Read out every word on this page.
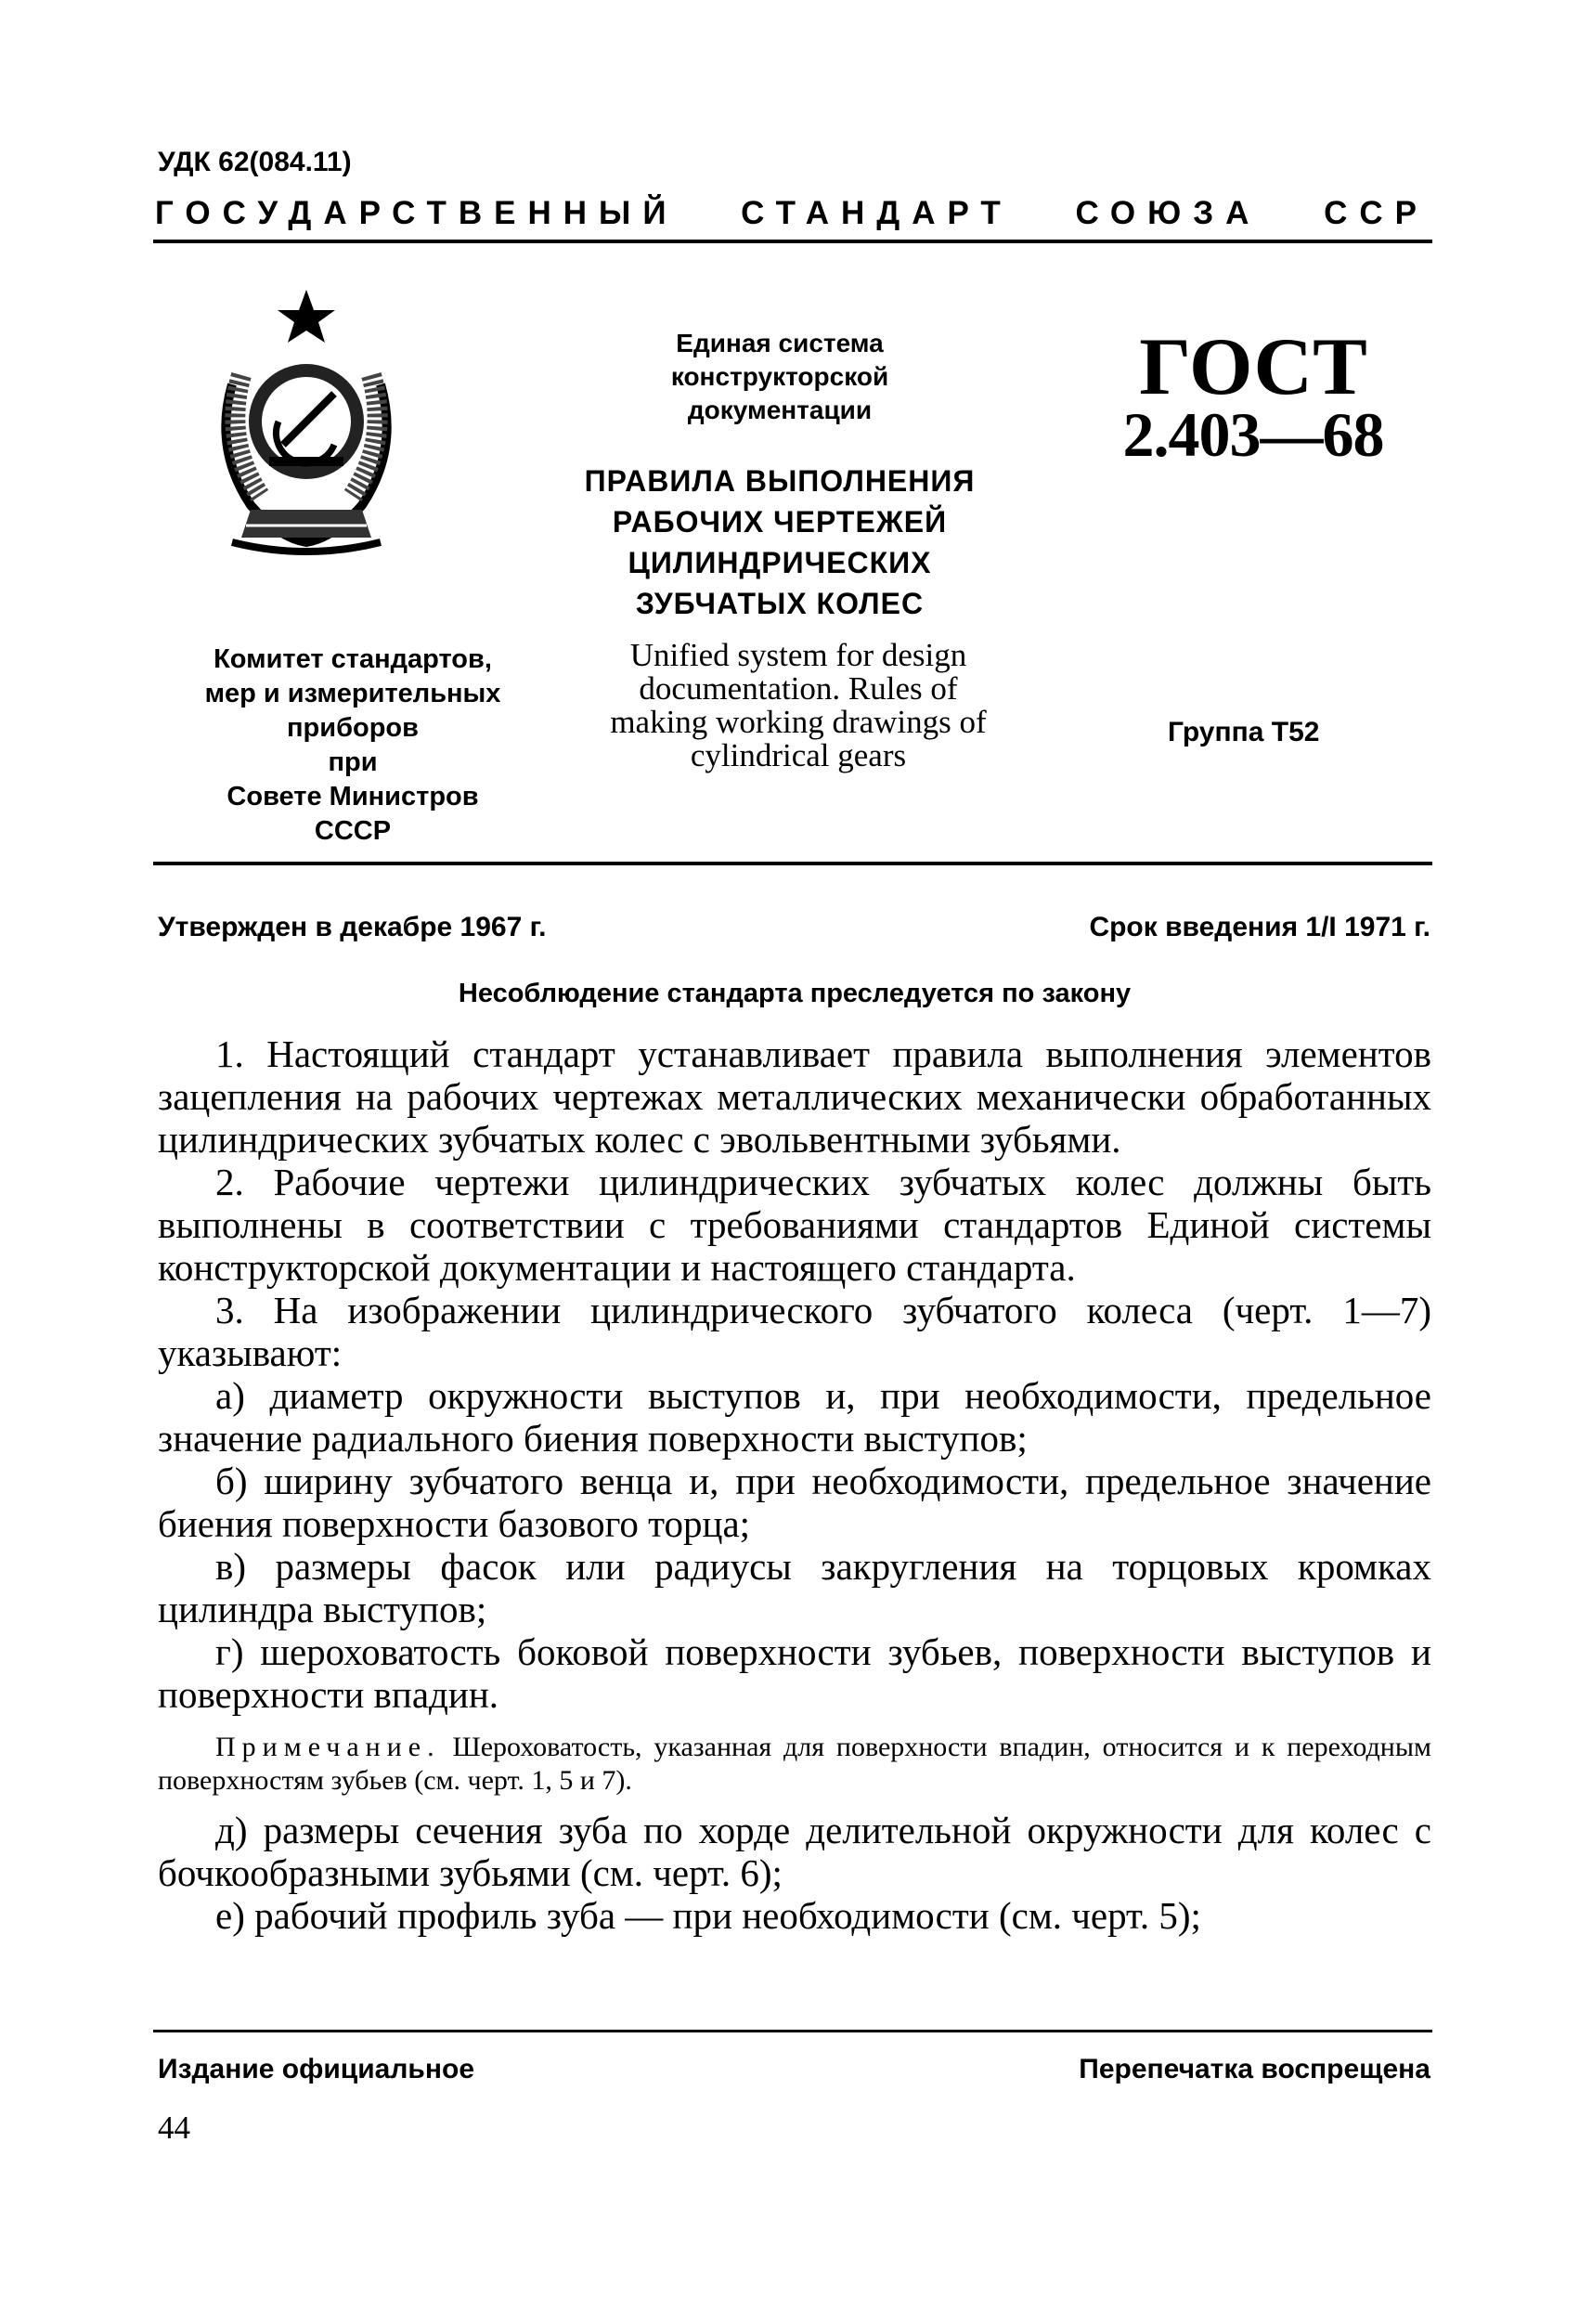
УДК 62(084.11)
ГОСУДАРСТВЕННЫЙ СТАНДАРТ СОЮЗА ССР
Комитет стандартов,
мер и измерительных
приборов
при
Совете Министров
СССР
Единая система
конструкторской
документации
ПРАВИЛА ВЫПОЛНЕНИЯ
РАБОЧИХ ЧЕРТЕЖЕЙ
ЦИЛИНДРИЧЕСКИХ
ЗУБЧАТЫХ КОЛЕС
Unified system for design
documentation. Rules of
making working drawings of
cylindrical gears
ГОСТ
2.403—68
Группа Т52
Утвержден в декабре 1967 г.	Срок введения 1/I 1971 г.
Несоблюдение стандарта преследуется по закону

1. Настоящий стандарт устанавливает правила выполнения элементов зацепления на рабочих чертежах металлических механически обработанных цилиндрических зубчатых колес с эвольвентными зубьями.

2. Рабочие чертежи цилиндрических зубчатых колес должны быть выполнены в соответствии с требованиями стандартов Единой системы конструкторской документации и настоящего стандарта.

3. На изображении цилиндрического зубчатого колеса (черт. 1—7) указывают:

а) диаметр окружности выступов и, при необходимости, предельное значение радиального биения поверхности выступов;

б) ширину зубчатого венца и, при необходимости, предельное значение биения поверхности базового торца;

в) размеры фасок или радиусы закругления на торцовых кромках цилиндра выступов;

г) шероховатость боковой поверхности зубьев, поверхности выступов и поверхности впадин.

Примечание. Шероховатость, указанная для поверхности впадин, относится и к переходным поверхностям зубьев (см. черт. 1, 5 и 7).

д) размеры сечения зуба по хорде делительной окружности для колес с бочкообразными зубьями (см. черт. 6);

е) рабочий профиль зуба — при необходимости (см. черт. 5);

Издание официальное	Перепечатка воспрещена
44
